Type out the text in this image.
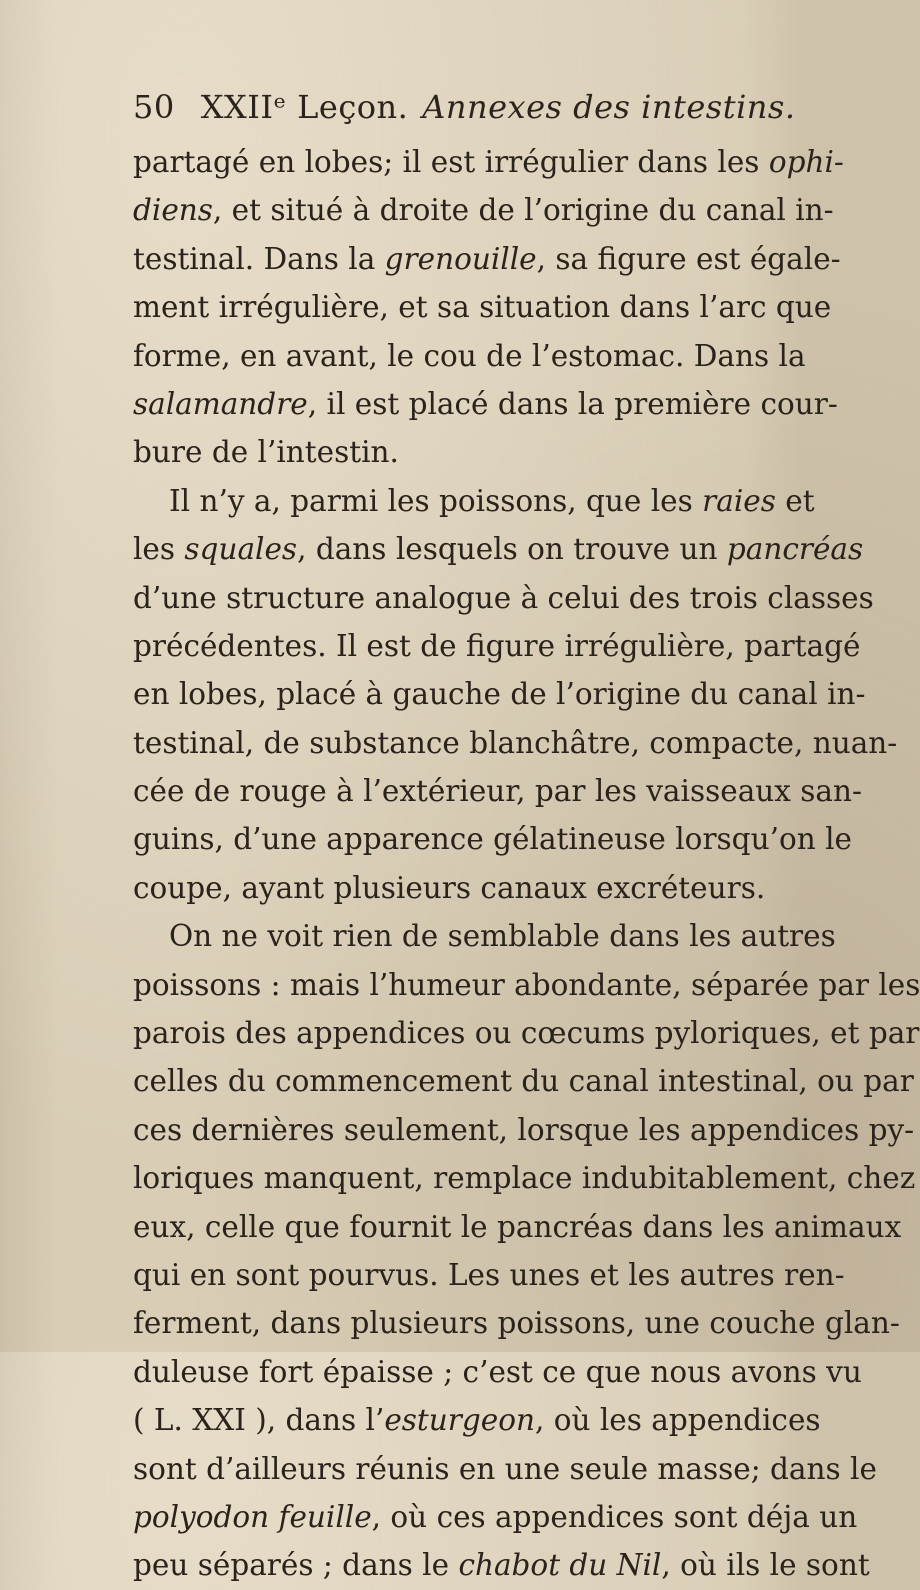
50 XXIIᵉ Leçon. Annexes des intestins.
partagé en lobes; il est irrégulier dans les ophi-
diens, et situé à droite de l’origine du canal in-
testinal. Dans la grenouille, sa figure est égale-
ment irrégulière, et sa situation dans l’arc que
forme, en avant, le cou de l’estomac. Dans la
salamandre, il est placé dans la première cour-
bure de l’intestin.
Il n’y a, parmi les poissons, que les raies et
les squales, dans lesquels on trouve un pancréas
d’une structure analogue à celui des trois classes
précédentes. Il est de figure irrégulière, partagé
en lobes, placé à gauche de l’origine du canal in-
testinal, de substance blanchâtre, compacte, nuan-
cée de rouge à l’extérieur, par les vaisseaux san-
guins, d’une apparence gélatineuse lorsqu’on le
coupe, ayant plusieurs canaux excréteurs.
On ne voit rien de semblable dans les autres
poissons : mais l’humeur abondante, séparée par les
parois des appendices ou cœcums pyloriques, et par
celles du commencement du canal intestinal, ou par
ces dernières seulement, lorsque les appendices py-
loriques manquent, remplace indubitablement, chez
eux, celle que fournit le pancréas dans les animaux
qui en sont pourvus. Les unes et les autres ren-
ferment, dans plusieurs poissons, une couche glan-
duleuse fort épaisse ; c’est ce que nous avons vu
( L. XXI ), dans l’esturgeon, où les appendices
sont d’ailleurs réunis en une seule masse; dans le
polyodon feuille, où ces appendices sont déja un
peu séparés ; dans le chabot du Nil, où ils le sont
